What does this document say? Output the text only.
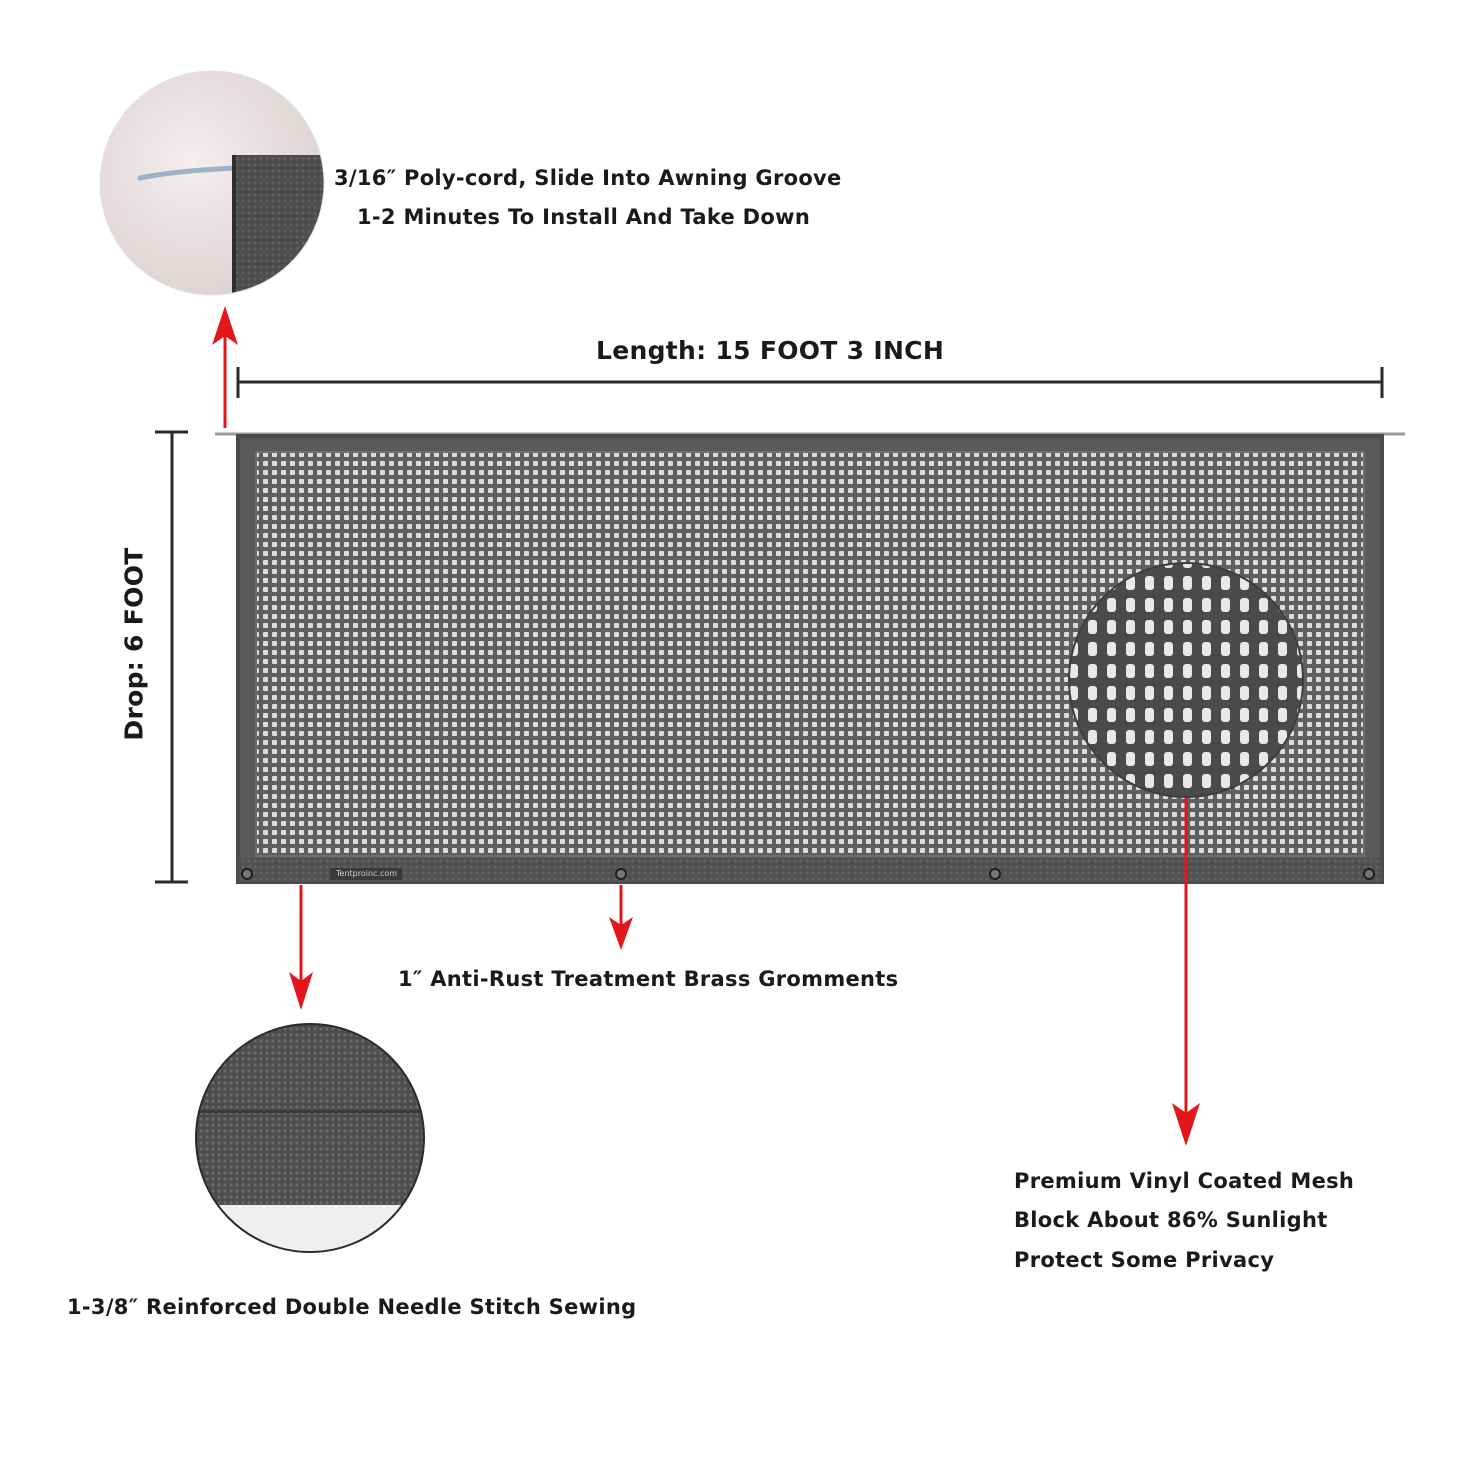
3/16″ Poly-cord, Slide Into Awning Groove
1-2 Minutes To Install And Take Down
Length: 15 FOOT 3 INCH
Drop: 6 FOOT
Tentproinc.com
1″ Anti-Rust Treatment Brass Gromments
1-3/8″ Reinforced Double Needle Stitch Sewing
Premium Vinyl Coated Mesh
Block About 86% Sunlight
Protect Some Privacy
